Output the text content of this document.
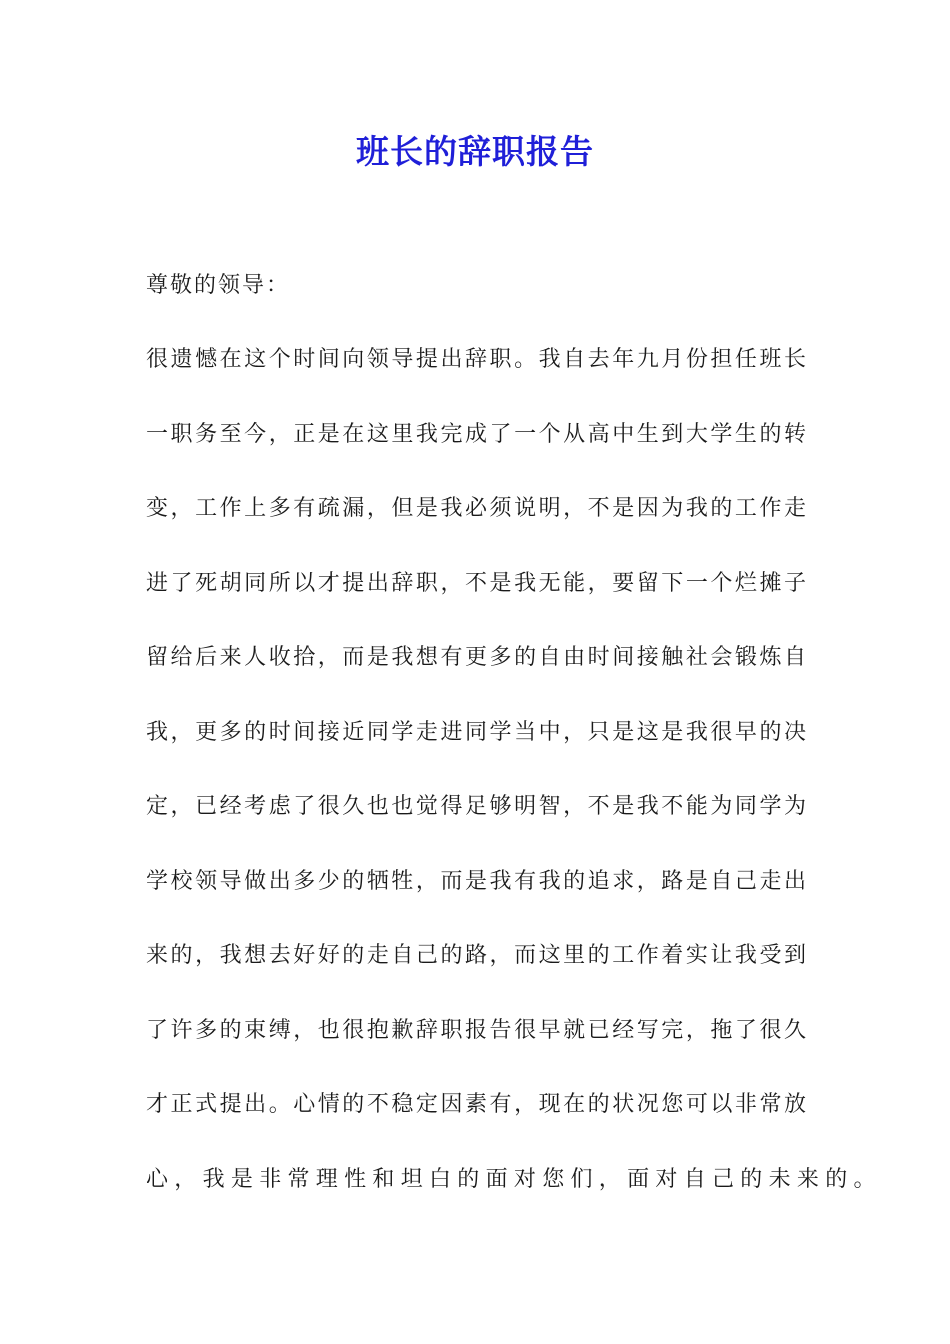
班长的辞职报告

尊敬的领导：

很遗憾在这个时间向领导提出辞职。我自去年九月份担任班长

一职务至今，正是在这里我完成了一个从高中生到大学生的转

变，工作上多有疏漏，但是我必须说明，不是因为我的工作走

进了死胡同所以才提出辞职，不是我无能，要留下一个烂摊子

留给后来人收拾，而是我想有更多的自由时间接触社会锻炼自

我，更多的时间接近同学走进同学当中，只是这是我很早的决

定，已经考虑了很久也也觉得足够明智，不是我不能为同学为

学校领导做出多少的牺牲，而是我有我的追求，路是自己走出

来的，我想去好好的走自己的路，而这里的工作着实让我受到

了许多的束缚，也很抱歉辞职报告很早就已经写完，拖了很久

才正式提出。心情的不稳定因素有，现在的状况您可以非常放

心，我是非常理性和坦白的面对您们，面对自己的未来的。
